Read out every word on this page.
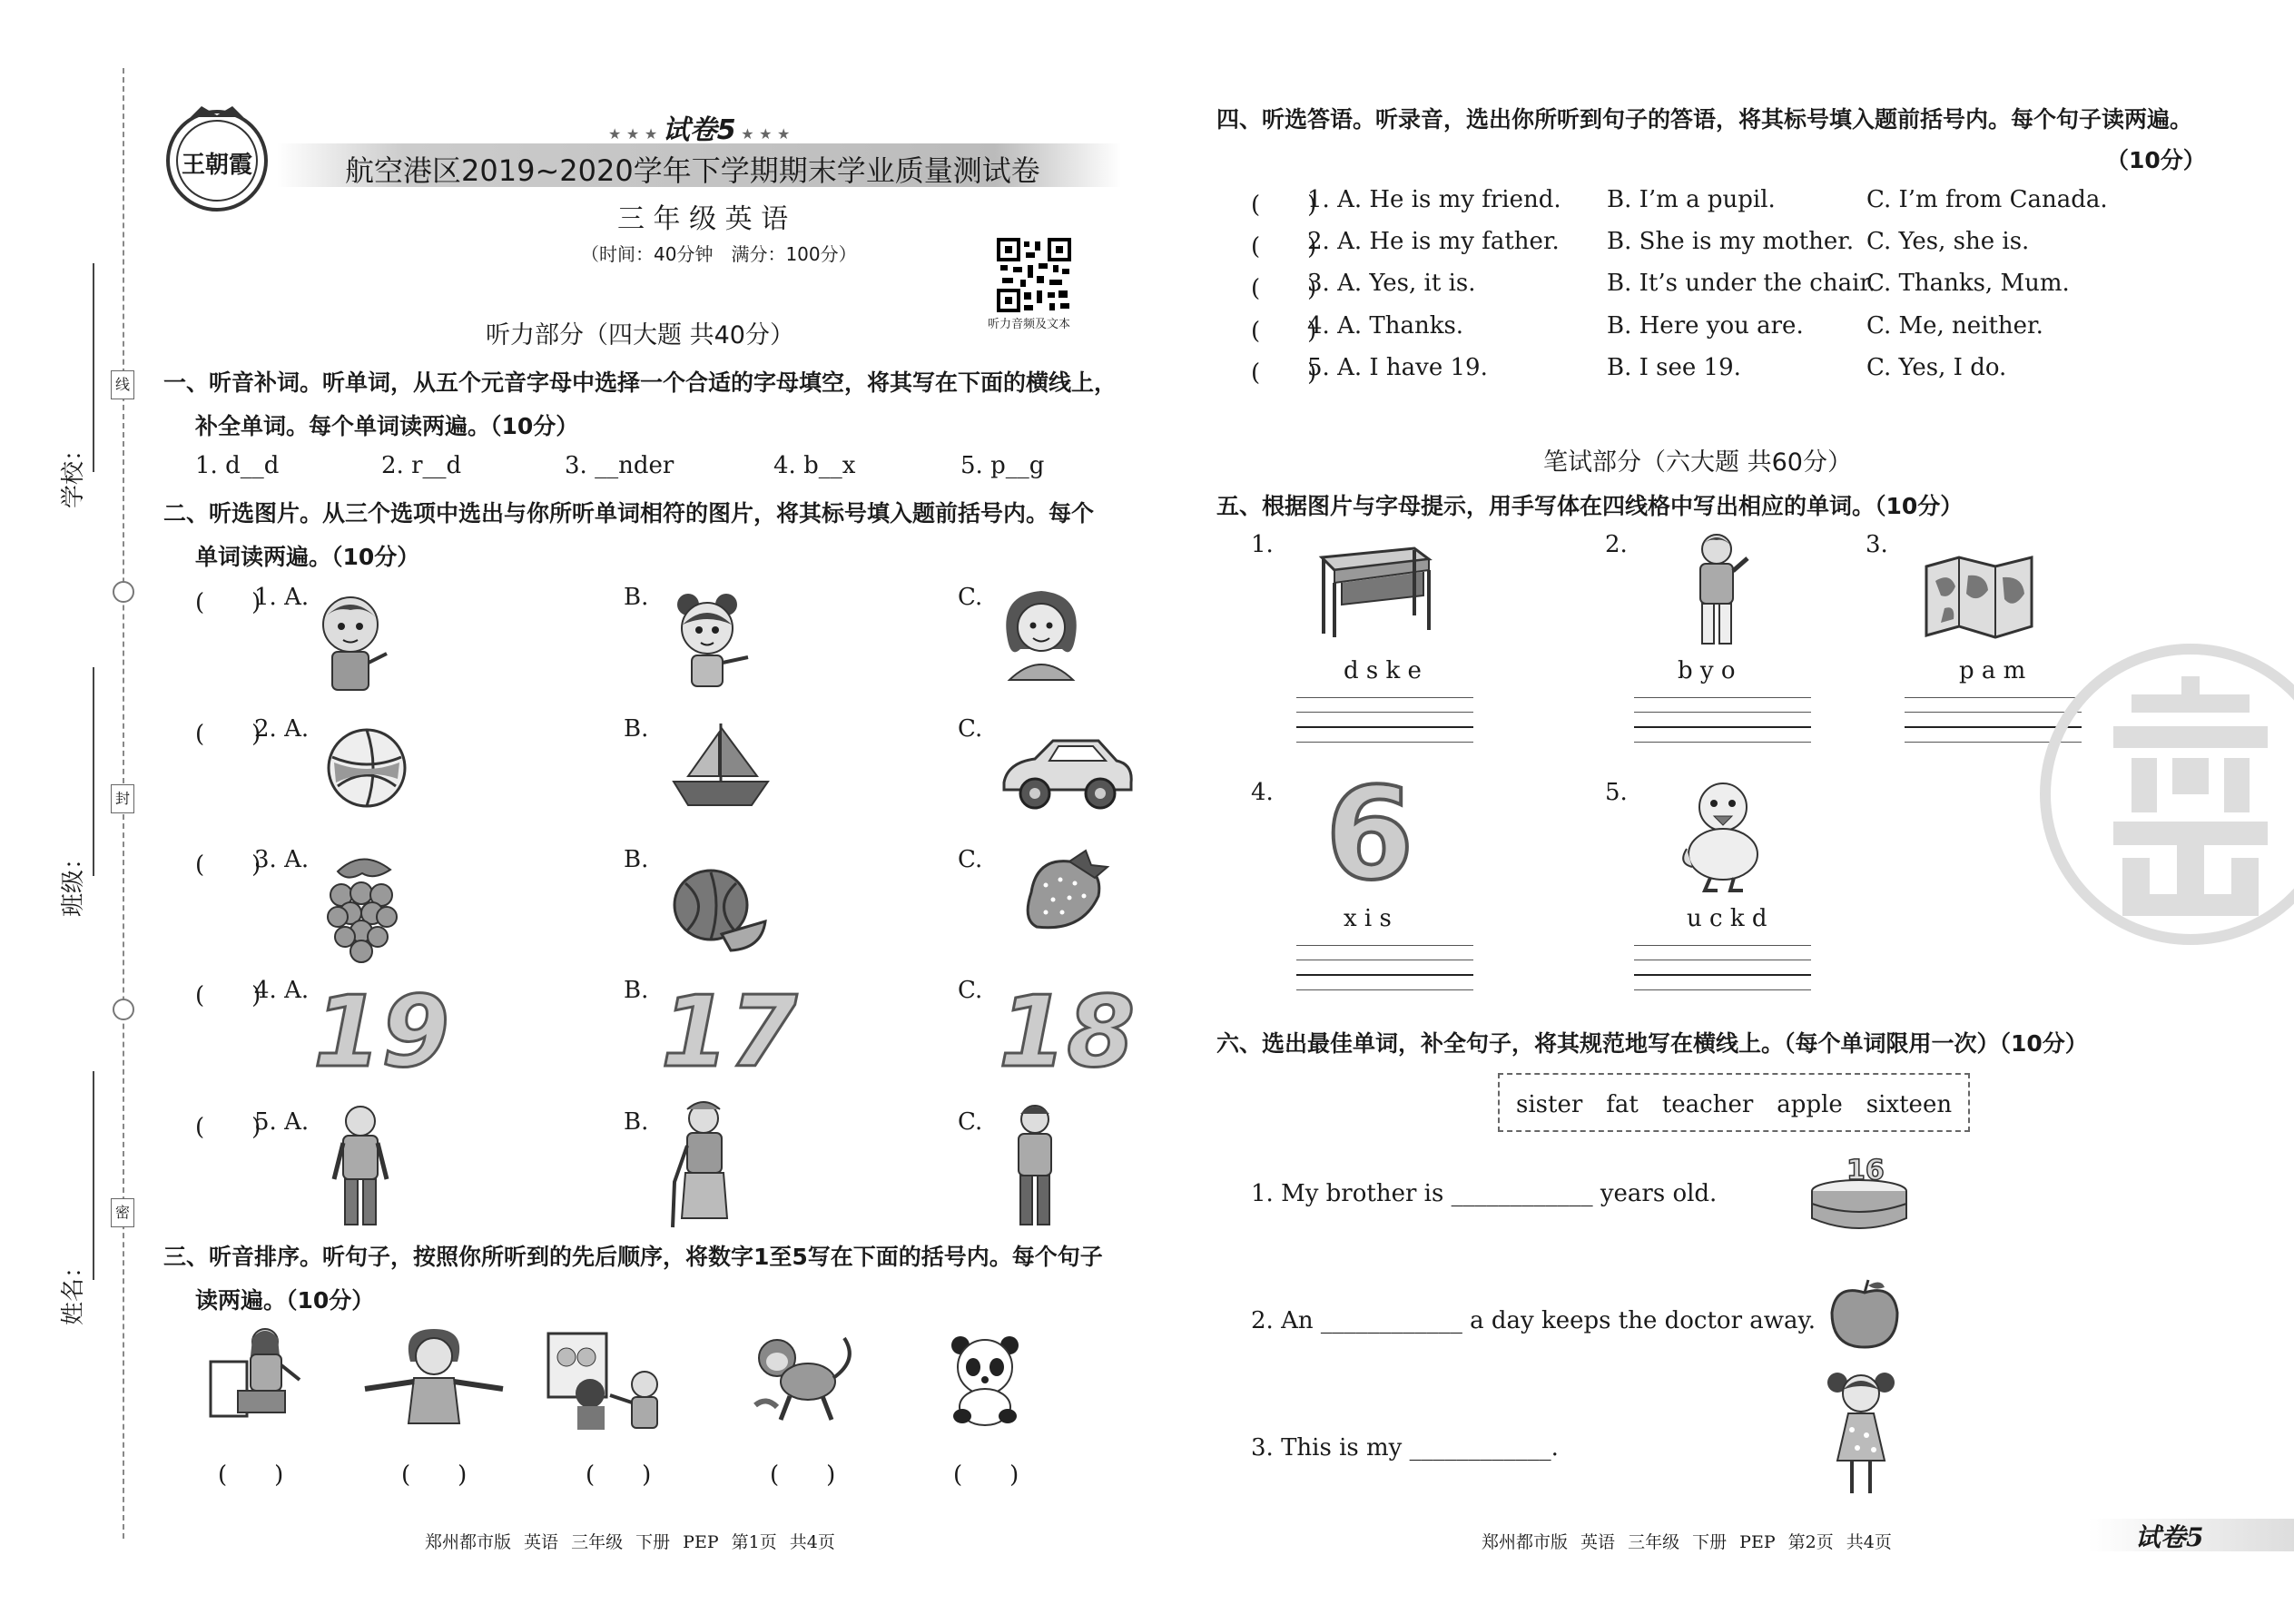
线
封
密
学校：
班级：
姓名：
王朝霞
★ ★ ★ 试卷5 ★ ★ ★
航空港区2019~2020学年下学期期末学业质量测试卷
三 年 级 英 语
（时间：40分钟　满分：100分）
听力音频及文本
听力部分（四大题 共40分）
一、听音补词。听单词，从五个元音字母中选择一个合适的字母填空，将其写在下面的横线上，
补全单词。每个单词读两遍。（10分）
1. d__d	2. r__d	3. __nder	4. b__x	5. p__g
二、听选图片。从三个选项中选出与你所听单词相符的图片，将其标号填入题前括号内。每个
单词读两遍。（10分）
(　　)
1. A.	B.	C.
(　　)
2. A.	B.	C.
(　　)
3. A.	B.	C.
(　　)
4. A.	B.	C.
(　　)
5. A.	B.	C.
19 17 18
三、听音排序。听句子，按照你所听到的先后顺序，将数字1至5写在下面的括号内。每个句子
读两遍。（10分）
(　　)	(　　)	(　　)	(　　)	(　　)
郑州都市版 英语 三年级 下册 PEP 第1页 共4页
四、听选答语。听录音，选出你所听到句子的答语，将其标号填入题前括号内。每个句子读两遍。
（10分）
(　　)
1. A. He is my friend. B. I’m a pupil.	C. I’m from Canada.
(　　)
2. A. He is my father. B. She is my mother. C. Yes, she is.
(　　)
3. A. Yes, it is.	B. It’s under the chair.
C. Thanks, Mum.
(　　)
4. A. Thanks.	B. Here you are.	C. Me, neither.
(　　)
5. A. I have 19.	B. I see 19.	C. Yes, I do.
笔试部分（六大题 共60分）
五、根据图片与字母提示，用手写体在四线格中写出相应的单词。（10分）
1.	2.	3.
4.	5.
6
d s k e	b y o	p a m
x i s	u c k d
六、选出最佳单词，补全句子，将其规范地写在横线上。（每个单词限用一次）（10分）
sister　fat　teacher　apple　sixteen
1. My brother is ____________ years old.
2. An ____________ a day keeps the doctor away.
3. This is my ____________.
16
郑州都市版 英语 三年级 下册 PEP 第2页 共4页	试卷5
